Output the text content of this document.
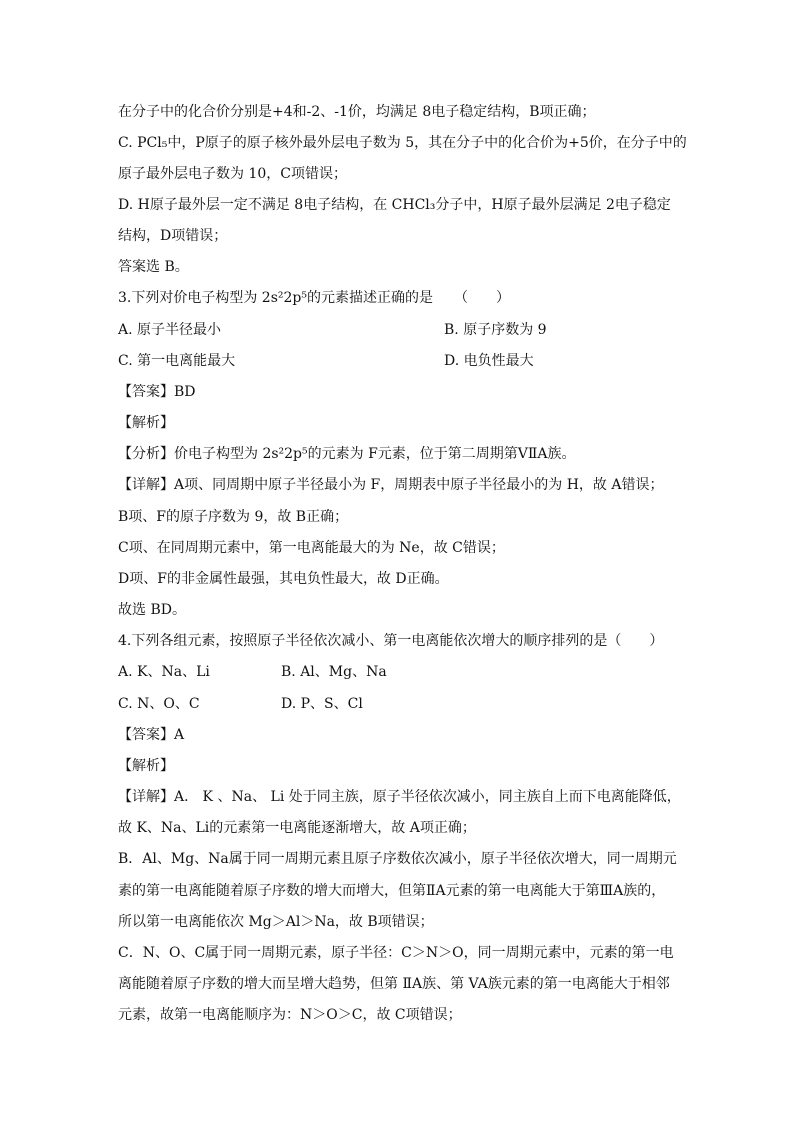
在分子中的化合价分别是+4和-2、-1价，均满足 8电子稳定结构，B项正确；
C. PCl₅中，P原子的原子核外最外层电子数为 5，其在分子中的化合价为+5价，在分子中的
原子最外层电子数为 10，C项错误；
D. H原子最外层一定不满足 8电子结构，在 CHCl₃分子中，H原子最外层满足 2电子稳定
结构，D项错误；
答案选 B。
3.下列对价电子构型为 2s²2p⁵的元素描述正确的是　　（　　）
A. 原子半径最小	B. 原子序数为 9
C. 第一电离能最大	D. 电负性最大
【答案】BD
【解析】
【分析】价电子构型为 2s²2p⁵的元素为 F元素，位于第二周期第ⅤⅡA族。
【详解】A项、同周期中原子半径最小为 F，周期表中原子半径最小的为 H，故 A错误；
B项、F的原子序数为 9，故 B正确；
C项、在同周期元素中，第一电离能最大的为 Ne，故 C错误；
D项、F的非金属性最强，其电负性最大，故 D正确。
故选 BD。
4.下列各组元素，按照原子半径依次减小、第一电离能依次增大的顺序排列的是（　　）
A. K、Na、Li	B. Al、Mg、Na
C. N、O、C	D. P、S、Cl
【答案】A
【解析】
【详解】A． K 、Na、 Li 处于同主族，原子半径依次减小，同主族自上而下电离能降低，
故 K、Na、Li的元素第一电离能逐渐增大，故 A项正确；
B．Al、Mg、Na属于同一周期元素且原子序数依次减小，原子半径依次增大，同一周期元
素的第一电离能随着原子序数的增大而增大，但第ⅡA元素的第一电离能大于第ⅢA族的，
所以第一电离能依次 Mg＞Al＞Na，故 B项错误；
C．N、O、C属于同一周期元素，原子半径：C＞N＞O，同一周期元素中，元素的第一电
离能随着原子序数的增大而呈增大趋势，但第 ⅡA族、第 VA族元素的第一电离能大于相邻
元素，故第一电离能顺序为：N＞O＞C，故 C项错误；
